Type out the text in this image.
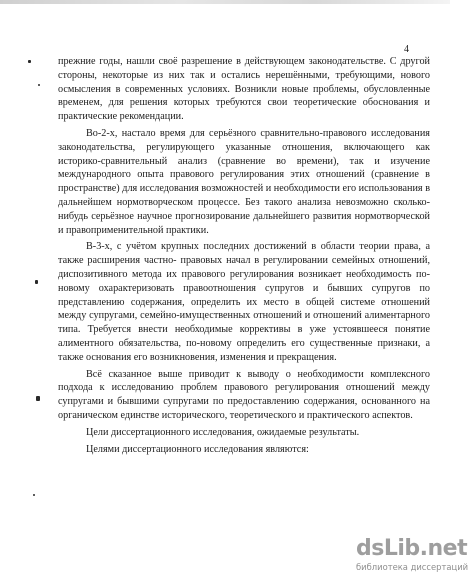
4

прежние годы, нашли своё разрешение в действующем законодательстве. С другой стороны, некоторые из них так и остались нерешёнными, требующими, нового осмысления в современных условиях. Возникли новые проблемы, обусловленные временем, для решения которых требуются свои теоретические обоснования и практические рекомендации.

Во-2-х, настало время для серьёзного сравнительно-правового исследования законодательства, регулирующего указанные отношения, включающего как историко-сравнительный анализ (сравнение во времени), так и изучение международного опыта правового регулирования этих отношений (сравнение в пространстве) для исследования возможностей и необходимости его использования в дальнейшем нормотворческом процессе. Без такого анализа невозможно сколько-нибудь серьёзное научное прогнозирование дальнейшего развития нормотворческой и правоприменительной практики.

В-3-х, с учётом крупных последних достижений в области теории права, а также расширения частно- правовых начал в регулировании семейных отношений, диспозитивного метода их правового регулирования возникает необходимость по-новому охарактеризовать правоотношения супругов и бывших супругов по представлению содержания, определить их место в общей системе отношений между супругами, семейно-имущественных отношений и отношений алиментарного типа. Требуется внести необходимые коррективы в уже устоявшееся понятие алиментного обязательства, по-новому определить его существенные признаки, а также основания его возникновения, изменения и прекращения.

Всё сказанное выше приводит к выводу о необходимости комплексного подхода к исследованию проблем правового регулирования отношений между супругами и бывшими супругами по предоставлению содержания, основанного на органическом единстве исторического, теоретического и практического аспектов.

Цели диссертационного исследования, ожидаемые результаты.

Целями диссертационного исследования являются:

dsLib.net
библиотека диссертаций
